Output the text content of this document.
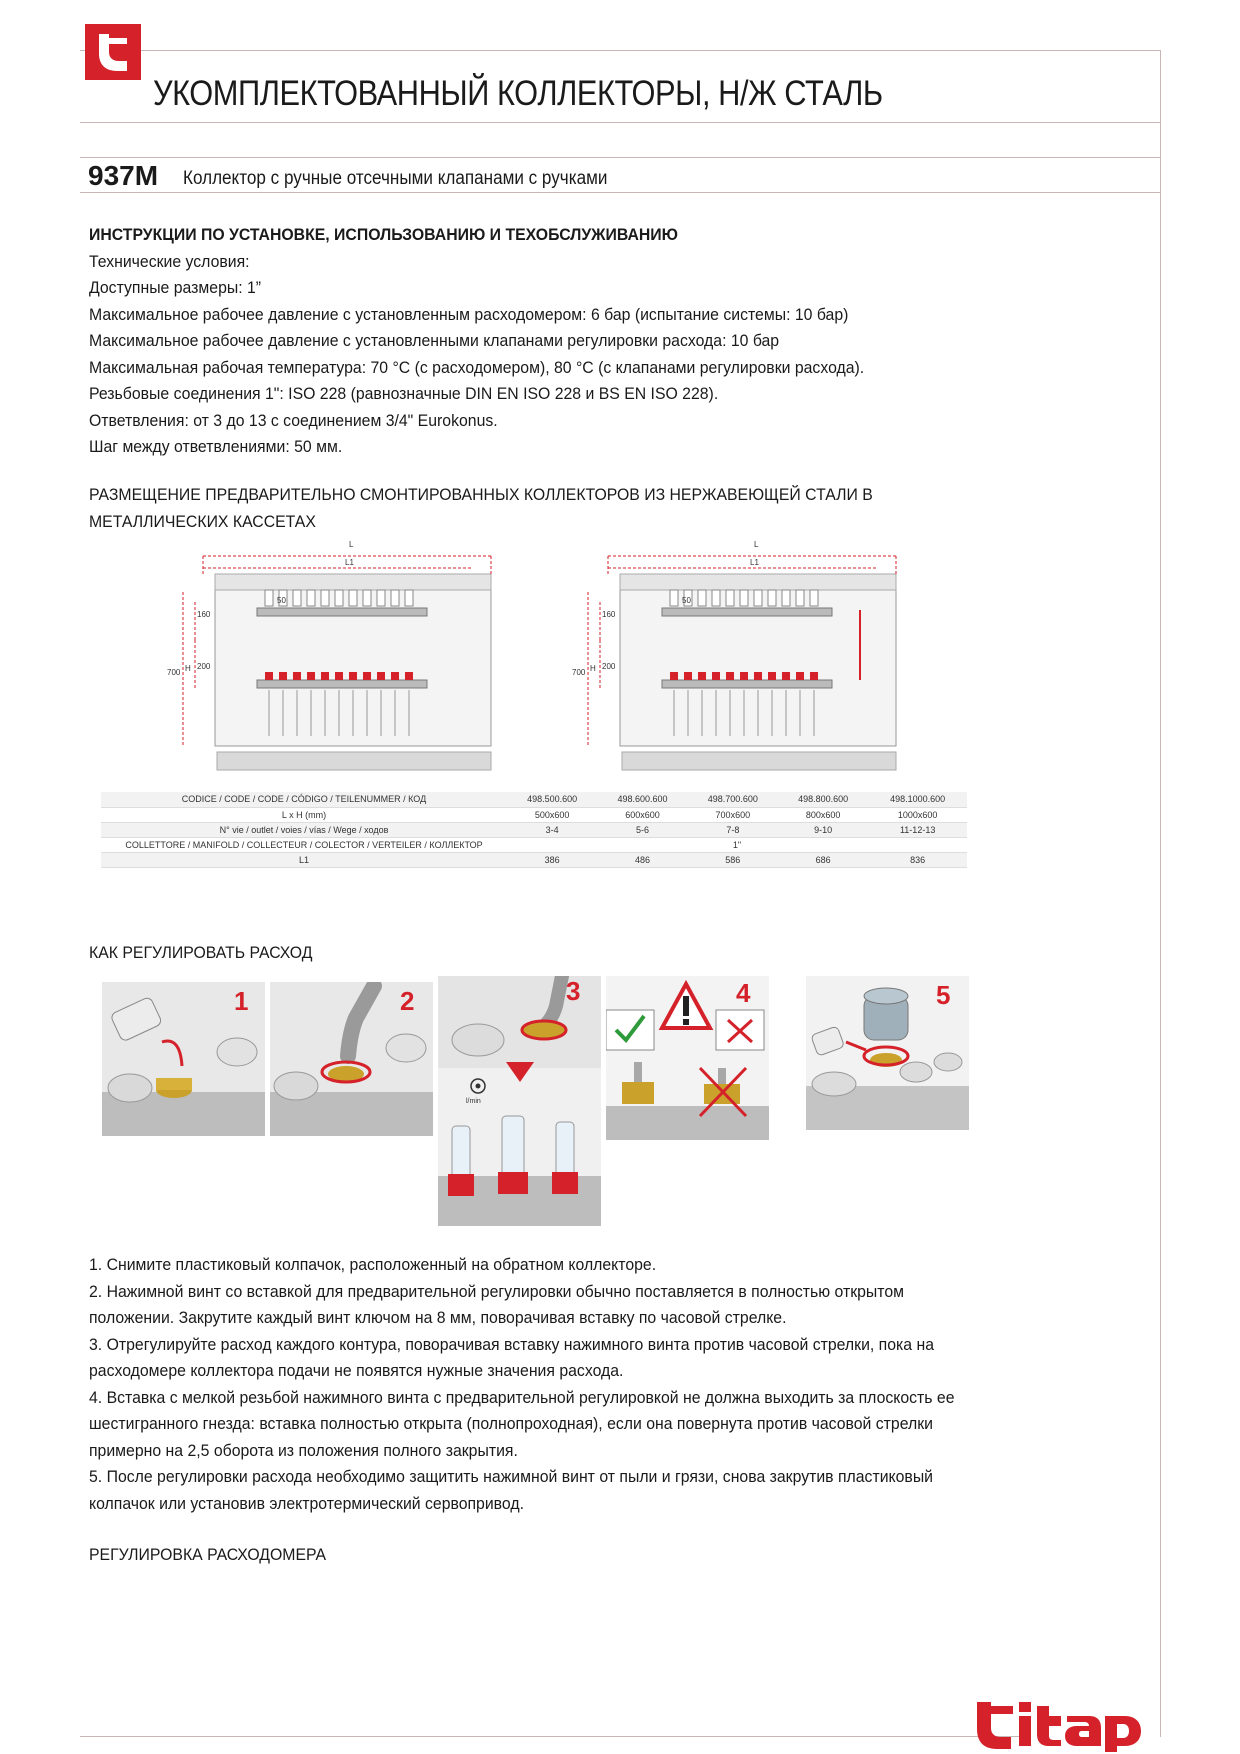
УКОМПЛЕКТОВАННЫЙ КОЛЛЕКТОРЫ, Н/Ж СТАЛЬ
937M Коллектор с ручные отсечными клапанами с ручками
ИНСТРУКЦИИ ПО УСТАНОВКЕ, ИСПОЛЬЗОВАНИЮ И ТЕХОБСЛУЖИВАНИЮ
Технические условия:
Доступные размеры: 1”
Максимальное рабочее давление с установленным расходомером: 6 бар (испытание системы: 10 бар)
Максимальное рабочее давление с установленными клапанами регулировки расхода: 10 бар
Максимальная рабочая температура: 70 °C (с расходомером), 80 °C (с клапанами регулировки расхода).
Резьбовые соединения 1": ISO 228 (равнозначные DIN EN ISO 228 и BS EN ISO 228).
Ответвления: от 3 до 13 с соединением 3/4" Eurokonus.
Шаг между ответвлениями: 50 мм.
РАЗМЕЩЕНИЕ ПРЕДВАРИТЕЛЬНО СМОНТИРОВАННЫХ КОЛЛЕКТОРОВ ИЗ НЕРЖАВЕЮЩЕЙ СТАЛИ В
МЕТАЛЛИЧЕСКИХ КАССЕТАХ
L
L1
50
160
200
700 H
L
L1
50
160
200
700 H
CODICE / CODE / CODE / CÓDIGO / TEILENUMMER / КОД	498.500.600	498.600.600	498.700.600	498.800.600	498.1000.600
L x H (mm)	500x600	600x600	700x600	800x600	1000x600
N° vie / outlet / voies / vías / Wege / ходов	3-4	5-6	7-8	9-10	11-12-13
COLLETTORE / MANIFOLD / COLLECTEUR / COLECTOR / VERTEILER / КОЛЛЕКТОР	1"				
L1	386	486	586	686	836
КАК РЕГУЛИРОВАТЬ РАСХОД
1	2
l/min
3	4	5
1. Снимите пластиковый колпачок, расположенный на обратном коллекторе.
2. Нажимной винт со вставкой для предварительной регулировки обычно поставляется в полностью открытом
положении. Закрутите каждый винт ключом на 8 мм, поворачивая вставку по часовой стрелке.
3. Отрегулируйте расход каждого контура, поворачивая вставку нажимного винта против часовой стрелки, пока на
расходомере коллектора подачи не появятся нужные значения расхода.
4. Вставка с мелкой резьбой нажимного винта с предварительной регулировкой не должна выходить за плоскость ее
шестигранного гнезда: вставка полностью открыта (полнопроходная), если она повернута против часовой стрелки
примерно на 2,5 оборота из положения полного закрытия.
5. После регулировки расхода необходимо защитить нажимной винт от пыли и грязи, снова закрутив пластиковый
колпачок или установив электротермический сервопривод.
РЕГУЛИРОВКА РАСХОДОМЕРА
